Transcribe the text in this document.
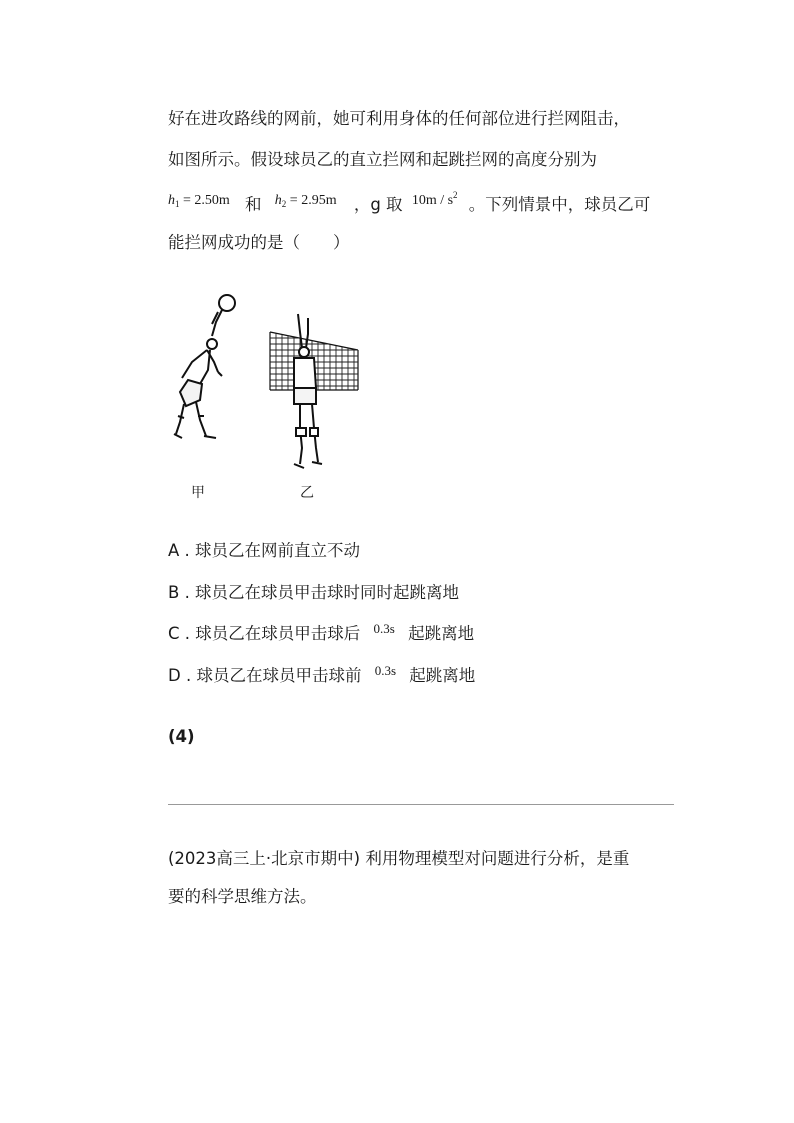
好在进攻路线的网前，她可利用身体的任何部位进行拦网阻击，
如图所示。假设球员乙的直立拦网和起跳拦网的高度分别为
$^{h_1 = 2.50m}$ 和 $^{h_2 = 2.95m}$ ，g 取 $^{10m / s^2}$ 。下列情景中，球员乙可
能拦网成功的是（　　）
甲	乙
A . 球员乙在网前直立不动
B . 球员乙在球员甲击球时同时起跳离地
C . 球员乙在球员甲击球后 $^{0.3s}$ 起跳离地
D . 球员乙在球员甲击球前 $^{0.3s}$ 起跳离地
(4)
(2023高三上·北京市期中) 利用物理模型对问题进行分析，是重
要的科学思维方法。
